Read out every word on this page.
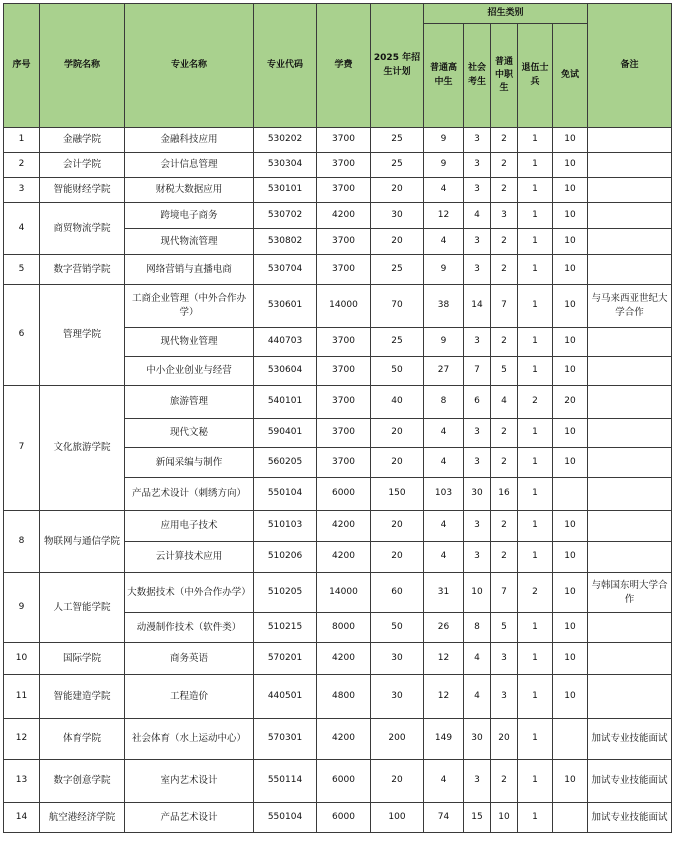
序号	学院名称	专业名称	专业代码	学费	2025 年招生计划	招生类别					备注
						普通高中生	社会考生	普通中职生	退伍士兵	免试	
1	金融学院	金融科技应用	530202	3700	25	9	3	2	1	10	
2	会计学院	会计信息管理	530304	3700	25	9	3	2	1	10	
3	智能财经学院	财税大数据应用	530101	3700	20	4	3	2	1	10	
4	商贸物流学院	跨境电子商务	530702	4200	30	12	4	3	1	10	
		现代物流管理	530802	3700	20	4	3	2	1	10	
5	数字营销学院	网络营销与直播电商	530704	3700	25	9	3	2	1	10	
6	管理学院	工商企业管理（中外合作办学）	530601	14000	70	38	14	7	1	10	与马来西亚世纪大学合作
		现代物业管理	440703	3700	25	9	3	2	1	10	
		中小企业创业与经营	530604	3700	50	27	7	5	1	10	
7	文化旅游学院	旅游管理	540101	3700	40	8	6	4	2	20	
		现代文秘	590401	3700	20	4	3	2	1	10	
		新闻采编与制作	560205	3700	20	4	3	2	1	10	
		产品艺术设计（刺绣方向）	550104	6000	150	103	30	16	1		
8	物联网与通信学院	应用电子技术	510103	4200	20	4	3	2	1	10	
		云计算技术应用	510206	4200	20	4	3	2	1	10	
9	人工智能学院	大数据技术（中外合作办学）	510205	14000	60	31	10	7	2	10	与韩国东明大学合作
		动漫制作技术（软件类）	510215	8000	50	26	8	5	1	10	
10	国际学院	商务英语	570201	4200	30	12	4	3	1	10	
11	智能建造学院	工程造价	440501	4800	30	12	4	3	1	10	
12	体育学院	社会体育（水上运动中心）	570301	4200	200	149	30	20	1		加试专业技能面试
13	数字创意学院	室内艺术设计	550114	6000	20	4	3	2	1	10	加试专业技能面试
14	航空港经济学院	产品艺术设计	550104	6000	100	74	15	10	1		加试专业技能面试
